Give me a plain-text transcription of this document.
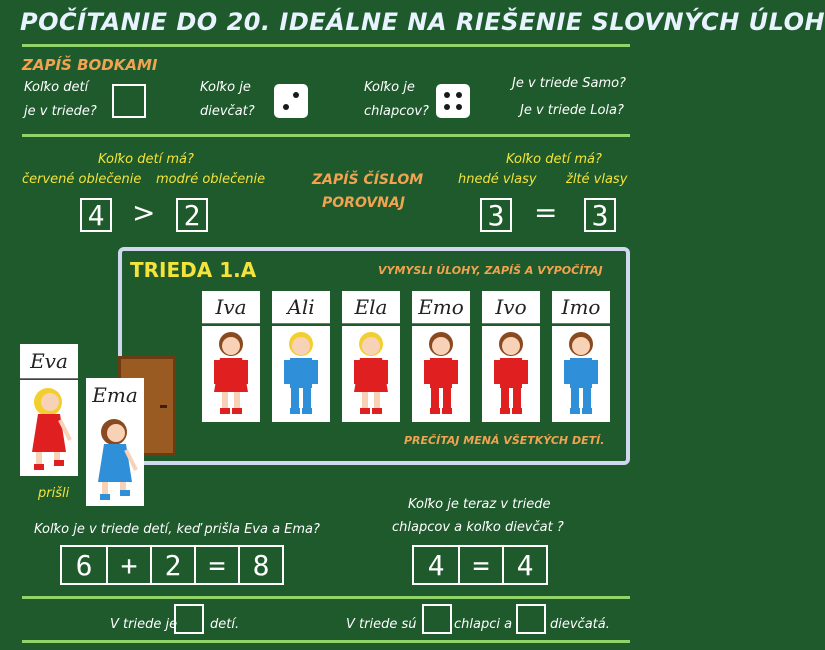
POČÍTANIE DO 20. IDEÁLNE NA RIEŠENIE SLOVNÝCH ÚLOH
ZAPÍŠ BODKAMI
Koľko detí
je v triede?
Koľko je
dievčat?
Koľko je
chlapcov?
Je v triede Samo?
Je v triede Lola?
Koľko detí má?
červené oblečenie modré oblečenie
4 > 2
ZAPÍŠ ČÍSLOM
POROVNAJ
Koľko detí má?
hnedé vlasy žlté vlasy
3 = 3
TRIEDA 1.A	VYMYSLI ÚLOHY, ZAPÍŠ A VYPOČÍTAJ
Iva	Ali	Ela	Emo	Ivo	Imo
PREČÍTAJ MENÁ VŠETKÝCH DETÍ.
Eva
Ema
prišli
Koľko je teraz v triede
chlapcov a koľko dievčat ?
Koľko je v triede detí, keď prišla Eva a Ema?
6	+ 2 = 8	4	= 4
V triede je	detí.	V triede sú	chlapci a	dievčatá.
